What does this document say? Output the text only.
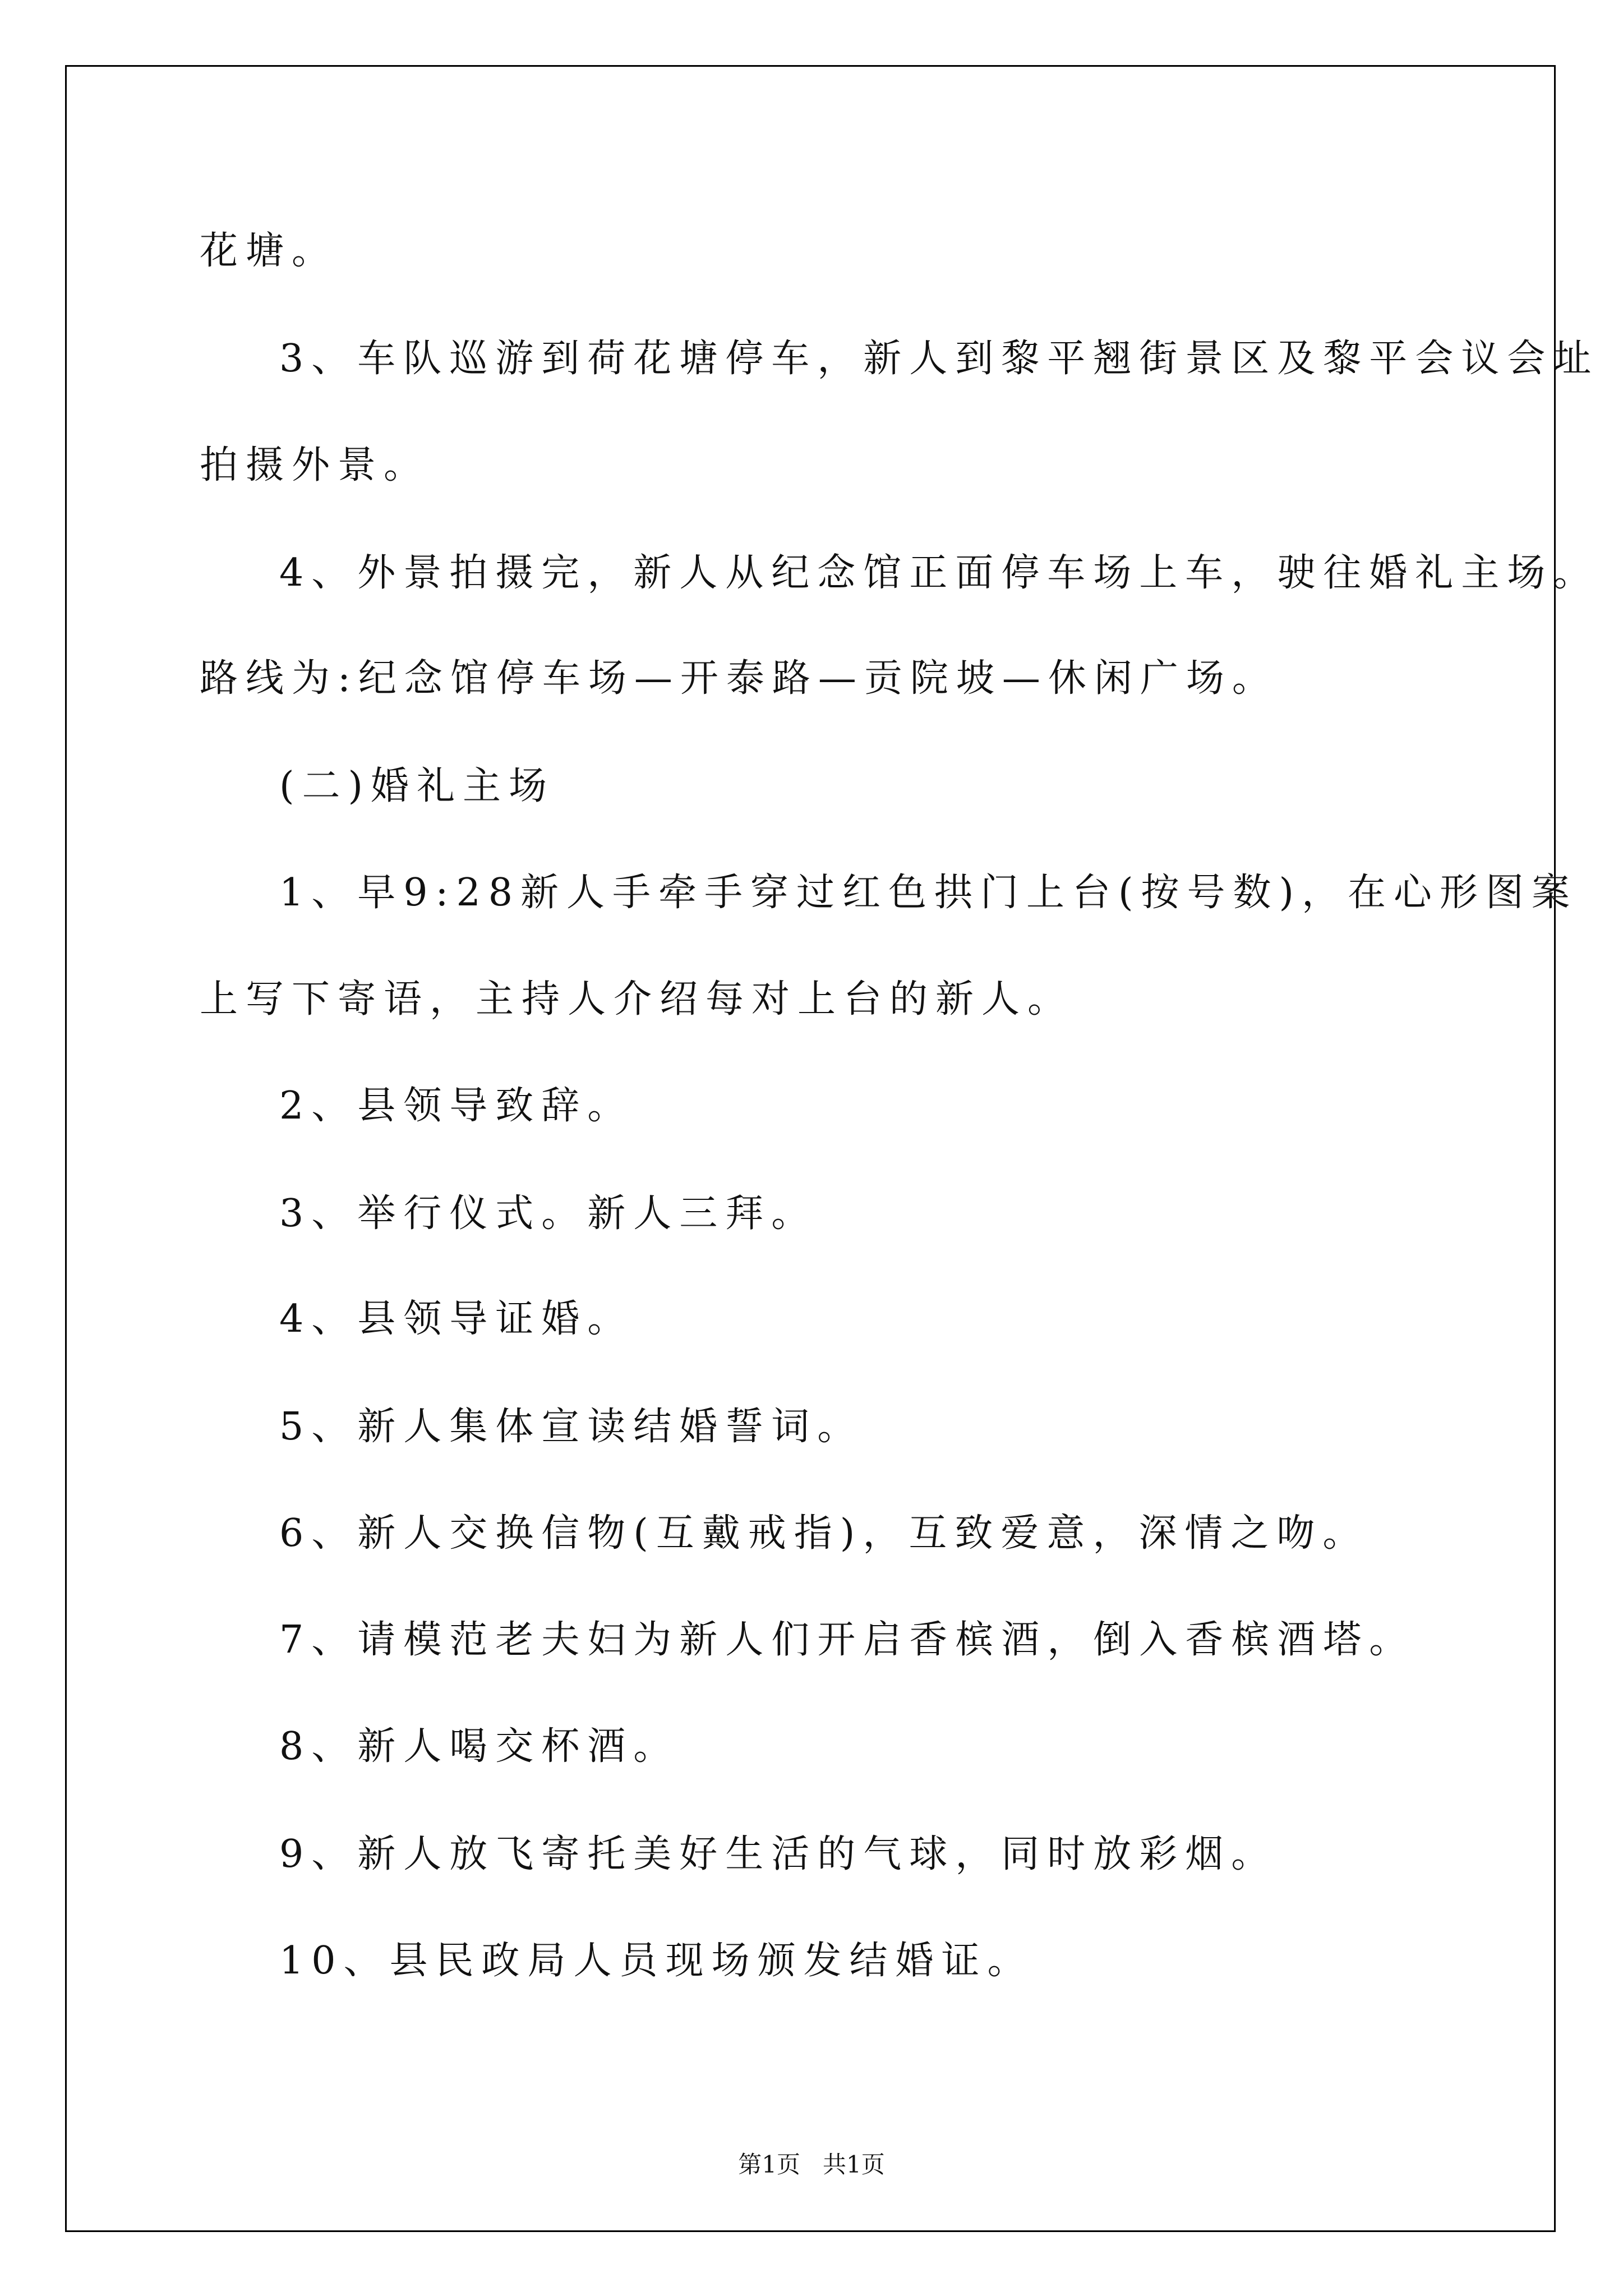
花塘。
3、车队巡游到荷花塘停车，新人到黎平翘街景区及黎平会议会址
拍摄外景。
4、外景拍摄完，新人从纪念馆正面停车场上车，驶往婚礼主场。
路线为:纪念馆停车场—开泰路—贡院坡—休闲广场。
(二)婚礼主场
1、早9:28新人手牵手穿过红色拱门上台(按号数)，在心形图案
上写下寄语，主持人介绍每对上台的新人。
2、县领导致辞。
3、举行仪式。新人三拜。
4、县领导证婚。
5、新人集体宣读结婚誓词。
6、新人交换信物(互戴戒指)，互致爱意，深情之吻。
7、请模范老夫妇为新人们开启香槟酒，倒入香槟酒塔。
8、新人喝交杯酒。
9、新人放飞寄托美好生活的气球，同时放彩烟。
10、县民政局人员现场颁发结婚证。
第1页   共1页
